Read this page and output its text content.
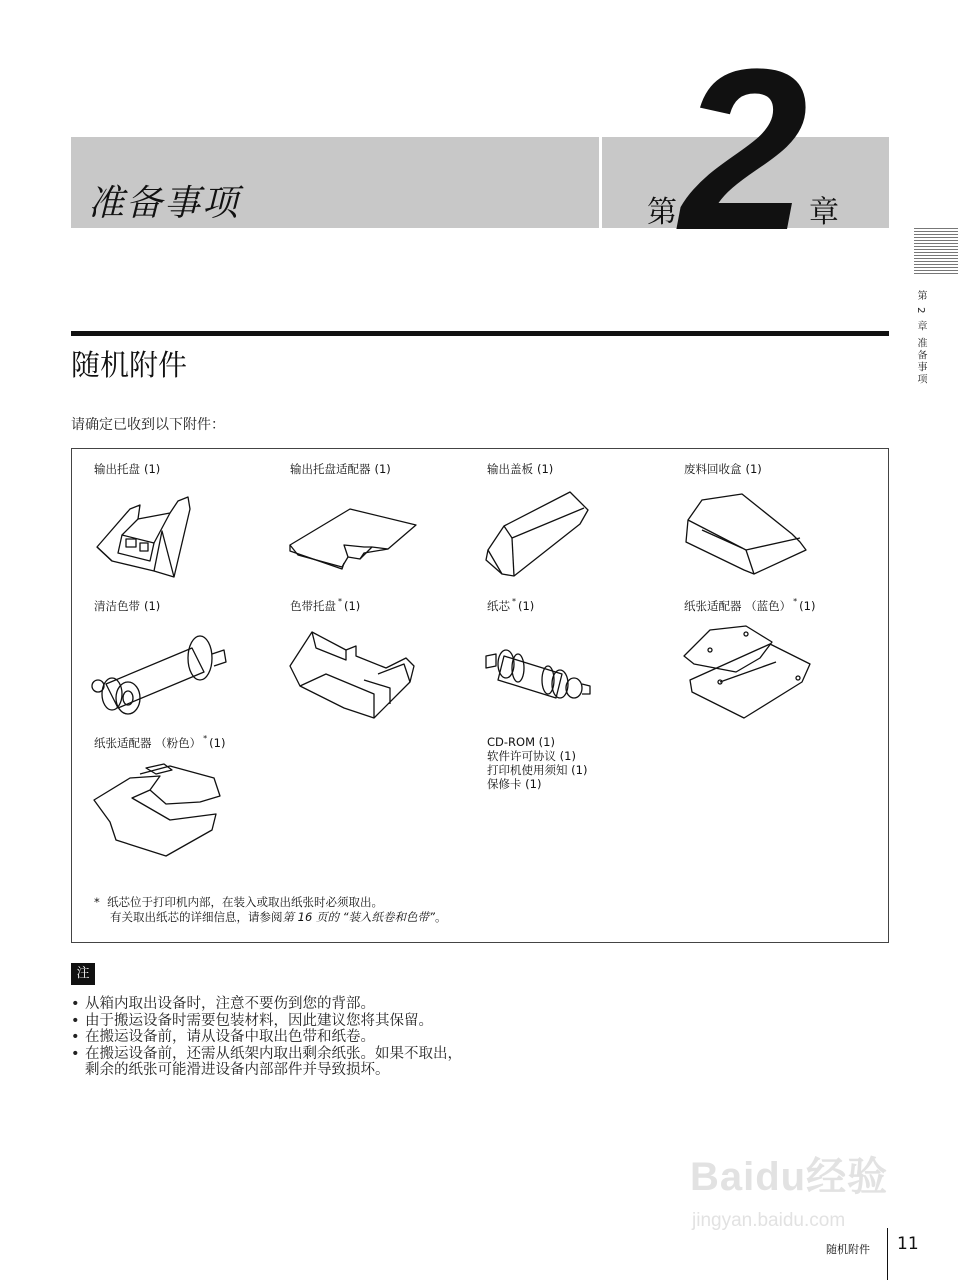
准备事项 2
第	章
第 2 章 准备事项
随机附件
请确定已收到以下附件：
输出托盘 (1)	输出托盘适配器 (1)	输出盖板 (1)	废料回收盒 (1)
清洁色带 (1)	色带托盘 * (1)	纸芯 * (1)	纸张适配器 （蓝色） * (1)
纸张适配器 （粉色） * (1)	CD-ROM (1)
软件许可协议 (1)
打印机使用须知 (1)
保修卡 (1)
* 纸芯位于打印机内部，在装入或取出纸张时必须取出。
有关取出纸芯的详细信息，请参阅第 16 页的 “装入纸卷和色带”。
注
• 从箱内取出设备时，注意不要伤到您的背部。
• 由于搬运设备时需要包装材料，因此建议您将其保留。
• 在搬运设备前，请从设备中取出色带和纸卷。
• 在搬运设备前，还需从纸架内取出剩余纸张。如果不取出，剩余的纸张可能滑进设备内部部件并导致损坏。
Baidu经验
jingyan.baidu.com
随机附件 11
